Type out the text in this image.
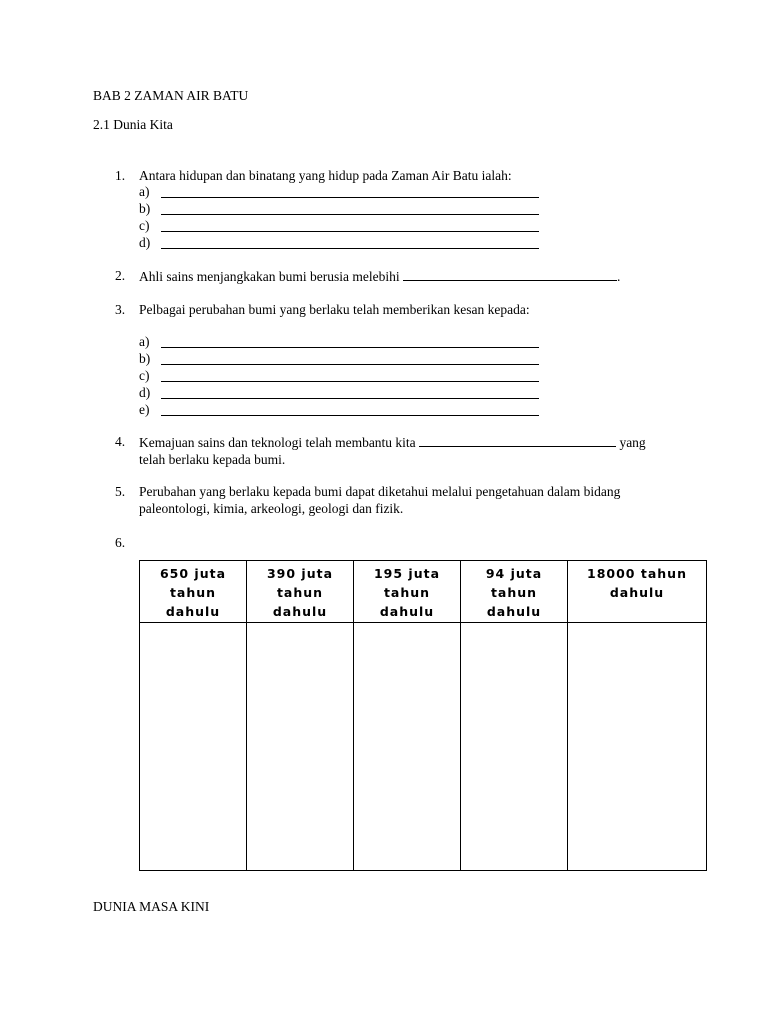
BAB 2 ZAMAN AIR BATU
2.1 Dunia Kita
1. Antara hidupan dan binatang yang hidup pada Zaman Air Batu ialah:
a)
b)
c)
d)
2. Ahli sains menjangkakan bumi berusia melebihi	.
3. Pelbagai perubahan bumi yang berlaku telah memberikan kesan kepada:
a)
b)
c)
d)
e)
4. Kemajuan sains dan teknologi telah membantu kita	yang
telah berlaku kepada bumi.
5. Perubahan yang berlaku kepada bumi dapat diketahui melalui pengetahuan dalam bidang
paleontologi, kimia, arkeologi, geologi dan fizik.
6.
650 juta
tahun
dahulu	390 juta
tahun
dahulu	195 juta
tahun
dahulu	94 juta
tahun
dahulu	18000 tahun
dahulu

DUNIA MASA KINI
